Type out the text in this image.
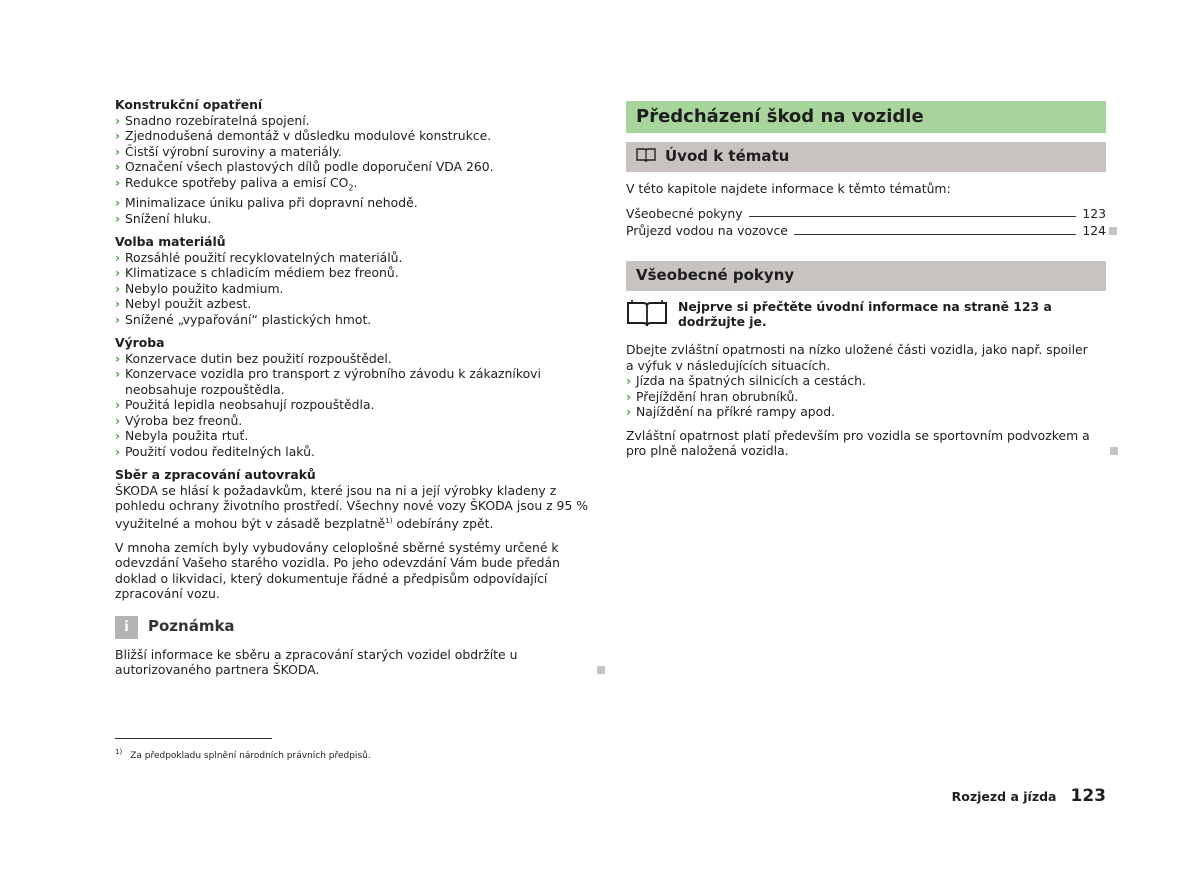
Konstrukční opatření
› Snadno rozebíratelná spojení.
› Zjednodušená demontáž v důsledku modulové konstrukce.
› Čistší výrobní suroviny a materiály.
› Označení všech plastových dílů podle doporučení VDA 260.
› Redukce spotřeby paliva a emisí $CO_2$.
› Minimalizace úniku paliva při dopravní nehodě.
› Snížení hluku.
Volba materiálů
› Rozsáhlé použití recyklovatelných materiálů.
› Klimatizace s chladicím médiem bez freonů.
› Nebylo použito kadmium.
› Nebyl použit azbest.
› Snížené „vypařování“ plastických hmot.
Výroba
› Konzervace dutin bez použití rozpouštědel.
› Konzervace vozidla pro transport z výrobního závodu k zákazníkovi neobsahuje rozpouštědla.
› Použitá lepidla neobsahují rozpouštědla.
› Výroba bez freonů.
› Nebyla použita rtuť.
› Použití vodou ředitelných laků.
Sběr a zpracování autovraků

ŠKODA se hlásí k požadavkům, které jsou na ni a její výrobky kladeny z pohledu ochrany životního prostředí. Všechny nové vozy ŠKODA jsou z 95 % využitelné a mohou být v zásadě bezplatně$^{1)}$ odebírány zpět.

V mnoha zemích byly vybudovány celoplošné sběrné systémy určené k odevzdání Vašeho starého vozidla. Po jeho odevzdání Vám bude předán doklad o likvidaci, který dokumentuje řádné a předpisům odpovídající zpracování vozu.

i	Poznámka
Bližší informace ke sběru a zpracování starých vozidel obdržíte u autorizovaného partnera ŠKODA.
Předcházení škod na vozidle
Úvod k tématu

V této kapitole najdete informace k těmto tématům:

Všeobecné pokyny	123
Průjezd vodou na vozovce	124
Všeobecné pokyny
Nejprve si přečtěte úvodní informace na straně 123 a dodržujte je.

Dbejte zvláštní opatrnosti na nízko uložené části vozidla, jako např. spoiler a výfuk v následujících situacích.

› Jízda na špatných silnicích a cestách.
› Přejíždění hran obrubníků.
› Najíždění na příkré rampy apod.
Zvláštní opatrnost platí především pro vozidla se sportovním podvozkem a pro plně naložená vozidla.
$^{1)}$ Za předpokladu splnění národních právních předpisů.
Rozjezd a jízda 123
